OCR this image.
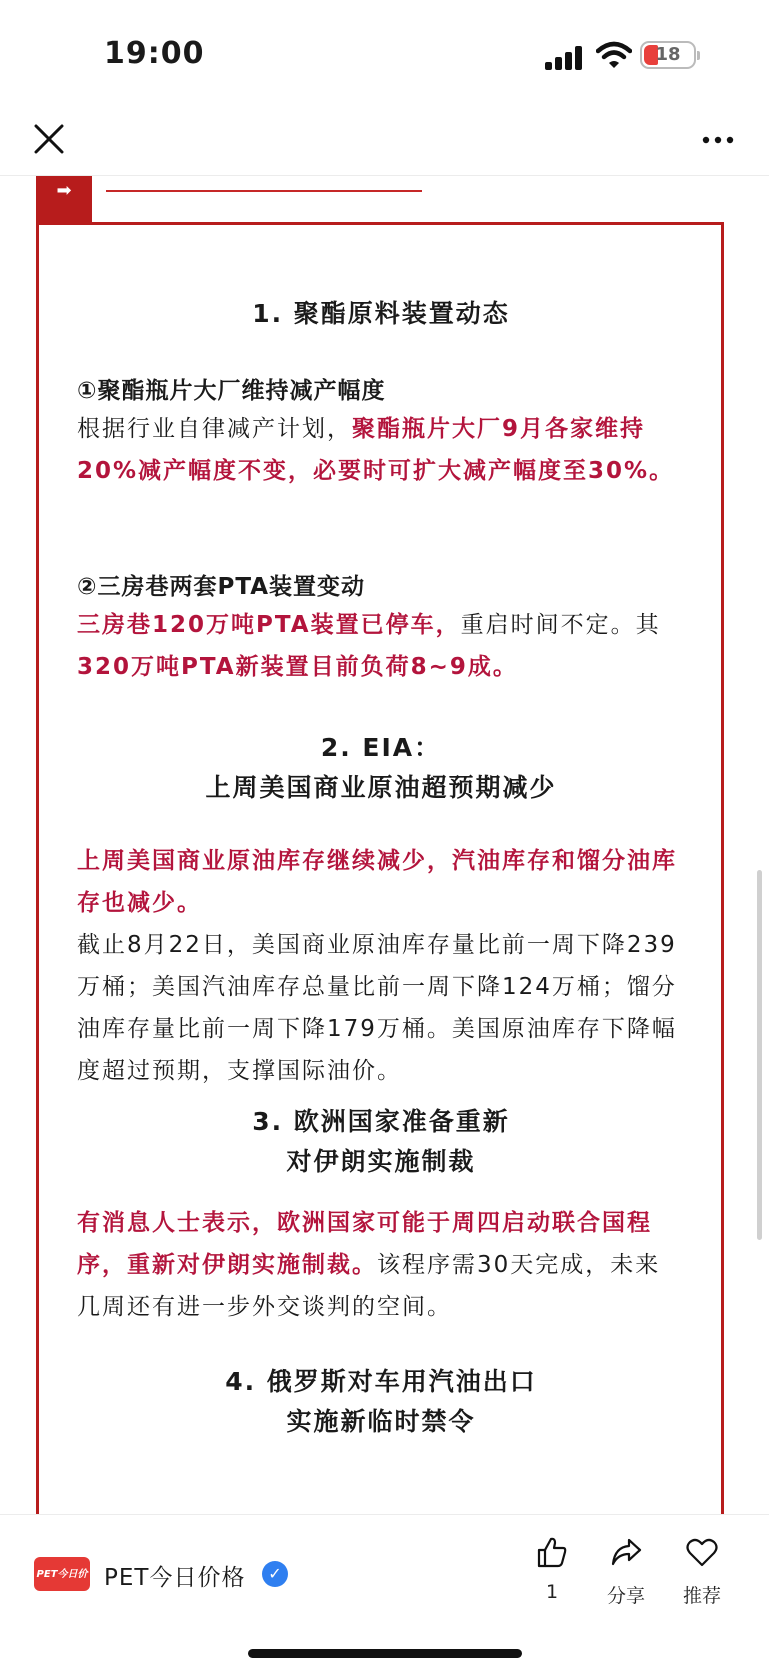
19:00	18
➡
1. 聚酯原料装置动态
①聚酯瓶片大厂维持减产幅度

根据行业自律减产计划，聚酯瓶片大厂9月各家维持20%减产幅度不变，必要时可扩大减产幅度至30%。

②三房巷两套PTA装置变动

三房巷120万吨PTA装置已停车，重启时间不定。其320万吨PTA新装置目前负荷8~9成。

2. EIA：
上周美国商业原油超预期减少

上周美国商业原油库存继续减少，汽油库存和馏分油库存也减少。

截止8月22日，美国商业原油库存量比前一周下降239万桶；美国汽油库存总量比前一周下降124万桶；馏分油库存量比前一周下降179万桶。美国原油库存下降幅度超过预期，支撑国际油价。

3. 欧洲国家准备重新
对伊朗实施制裁

有消息人士表示，欧洲国家可能于周四启动联合国程序，重新对伊朗实施制裁。该程序需30天完成，未来几周还有进一步外交谈判的空间。

4. 俄罗斯对车用汽油出口
实施新临时禁令
PET今日价格
PET今日价格	✓
1	分享	推荐
